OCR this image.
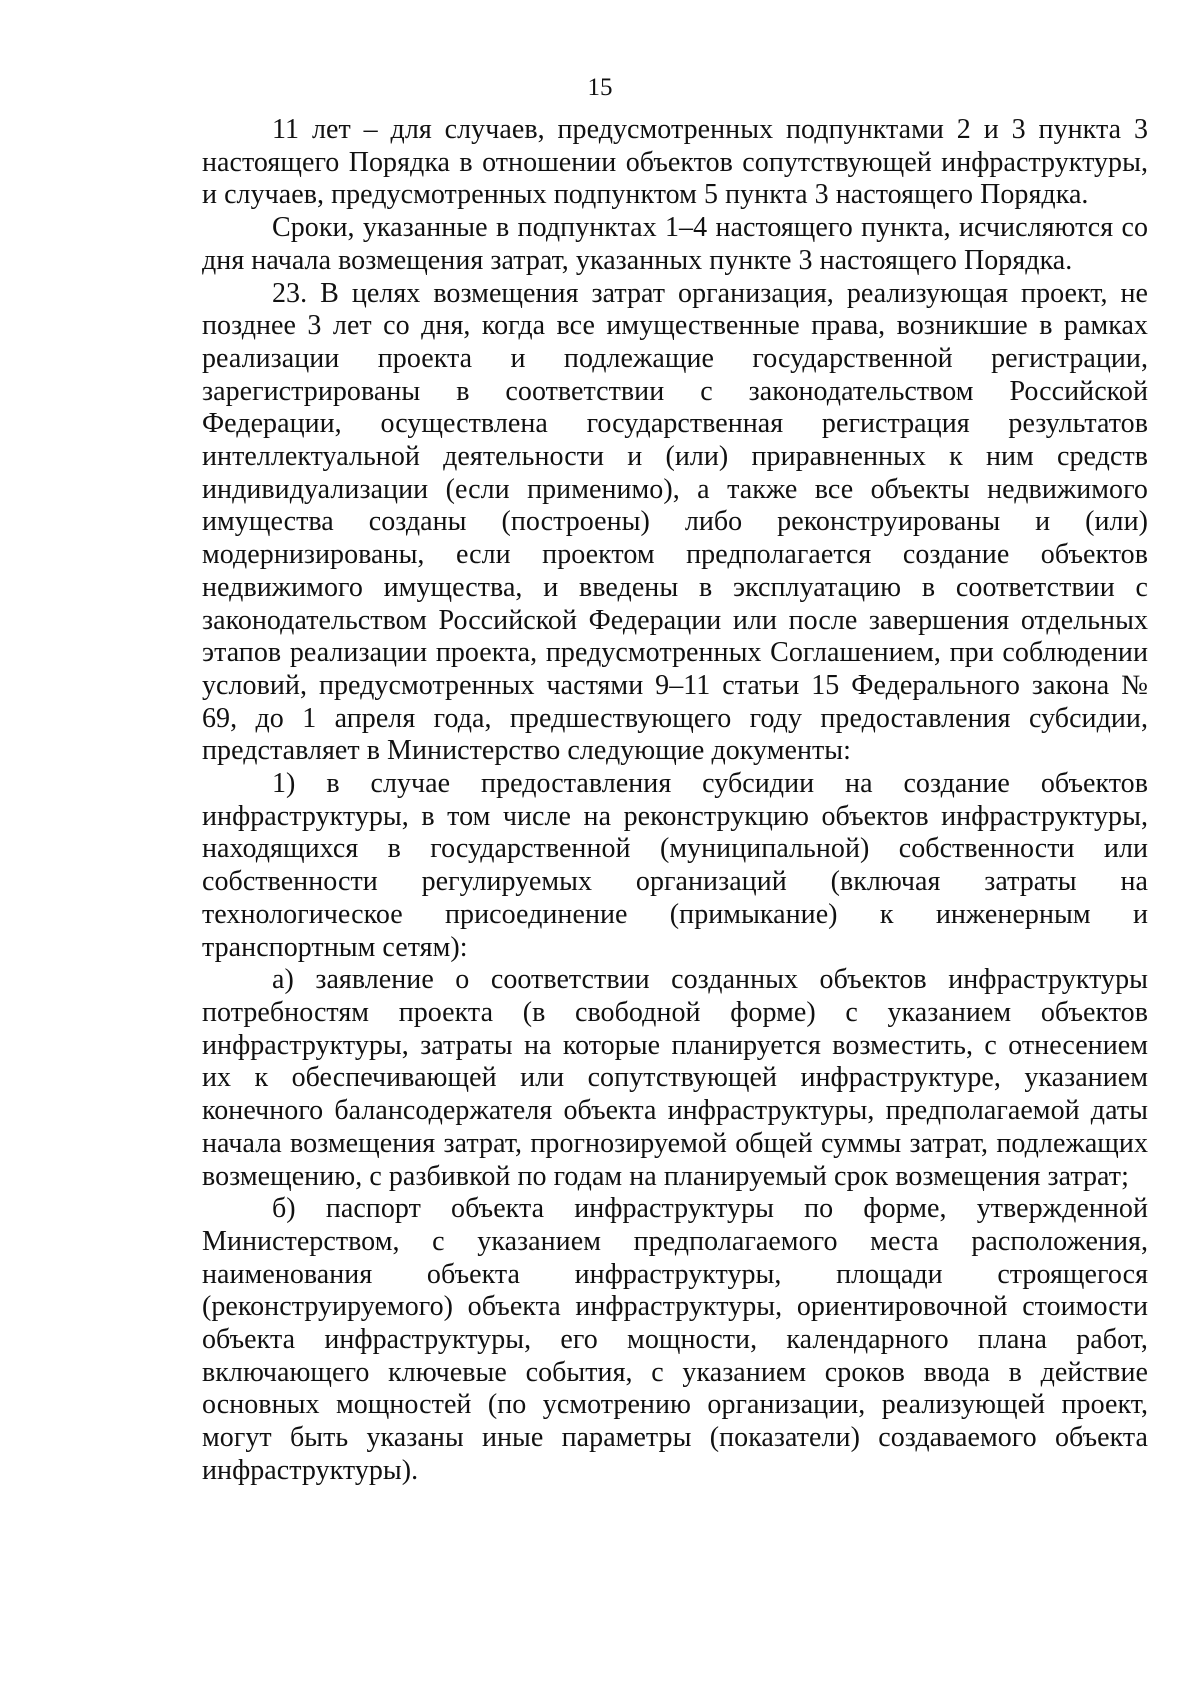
15

11 лет – для случаев, предусмотренных подпунктами 2 и 3 пункта 3 настоящего Порядка в отношении объектов сопутствующей инфраструктуры, и случаев, предусмотренных подпунктом 5 пункта 3 настоящего Порядка.

Сроки, указанные в подпунктах 1–4 настоящего пункта, исчисляются со дня начала возмещения затрат, указанных пункте 3 настоящего Порядка.

23. В целях возмещения затрат организация, реализующая проект, не позднее 3 лет со дня, когда все имущественные права, возникшие в рамках реализации проекта и подлежащие государственной регистрации, зарегистрированы в соответствии с законодательством Российской Федерации, осуществлена государственная регистрация результатов интеллектуальной деятельности и (или) приравненных к ним средств индивидуализации (если применимо), а также все объекты недвижимого имущества созданы (построены) либо реконструированы и (или) модернизированы, если проектом предполагается создание объектов недвижимого имущества, и введены в эксплуатацию в соответствии с законодательством Российской Федерации или после завершения отдельных этапов реализации проекта, предусмотренных Соглашением, при соблюдении условий, предусмотренных частями 9–11 статьи 15 Федерального закона № 69, до 1 апреля года, предшествующего году предоставления субсидии, представляет в Министерство следующие документы:

1) в случае предоставления субсидии на создание объектов инфраструктуры, в том числе на реконструкцию объектов инфраструктуры, находящихся в государственной (муниципальной) собственности или собственности регулируемых организаций (включая затраты на технологическое присоединение (примыкание) к инженерным и транспортным сетям):

а) заявление о соответствии созданных объектов инфраструктуры потребностям проекта (в свободной форме) с указанием объектов инфраструктуры, затраты на которые планируется возместить, с отнесением их к обеспечивающей или сопутствующей инфраструктуре, указанием конечного балансодержателя объекта инфраструктуры, предполагаемой даты начала возмещения затрат, прогнозируемой общей суммы затрат, подлежащих возмещению, с разбивкой по годам на планируемый срок возмещения затрат;

б) паспорт объекта инфраструктуры по форме, утвержденной Министерством, с указанием предполагаемого места расположения, наименования объекта инфраструктуры, площади строящегося (реконструируемого) объекта инфраструктуры, ориентировочной стоимости объекта инфраструктуры, его мощности, календарного плана работ, включающего ключевые события, с указанием сроков ввода в действие основных мощностей (по усмотрению организации, реализующей проект, могут быть указаны иные параметры (показатели) создаваемого объекта инфраструктуры).
